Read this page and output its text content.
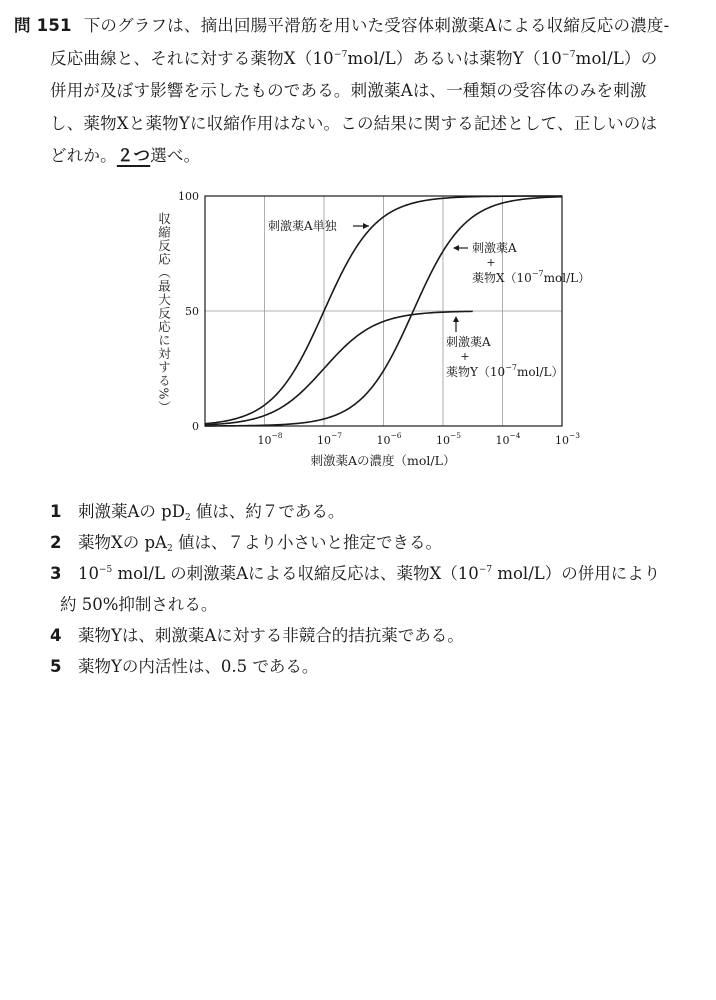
問 151 下のグラフは、摘出回腸平滑筋を用いた受容体刺激薬Aによる収縮反応の濃度-
反応曲線と、それに対する薬物$X(10^{-7}mol/L)$あるいは薬物$Y(10^{-7}mol/L)$の
併用が及ぼす影響を示したものである。刺激薬Aは、一種類の受容体のみを刺激
し、薬物Xと薬物Yに収縮作用はない。この結果に関する記述として、正しいのは
どれか。２つ選べ。
0
50
100
$10^{-8}$	$10^{-7}$	$10^{-6}$	$10^{-5}$	$10^{-4}$	$10^{-3}$
刺激薬Aの濃度（mol/L）
収縮反応（最大反応に対する%）	刺激薬A単独
刺激薬A
+
薬物$X(10^{-7}mol/L)$
刺激薬A
+
薬物$Y(10^{-7}mol/L)$
1 刺激薬Aの $pD_2$ 値は、約７である。
2 薬物Xの $pA_2$ 値は、７より小さいと推定できる。
3 $10^{-5}$ mol/L の刺激薬Aによる収縮反応は、薬物$X(10^{-7}$ mol/L）の併用により
約 50%抑制される。
4 薬物Yは、刺激薬Aに対する非競合的拮抗薬である。
5 薬物Yの内活性は、0.5 である。
